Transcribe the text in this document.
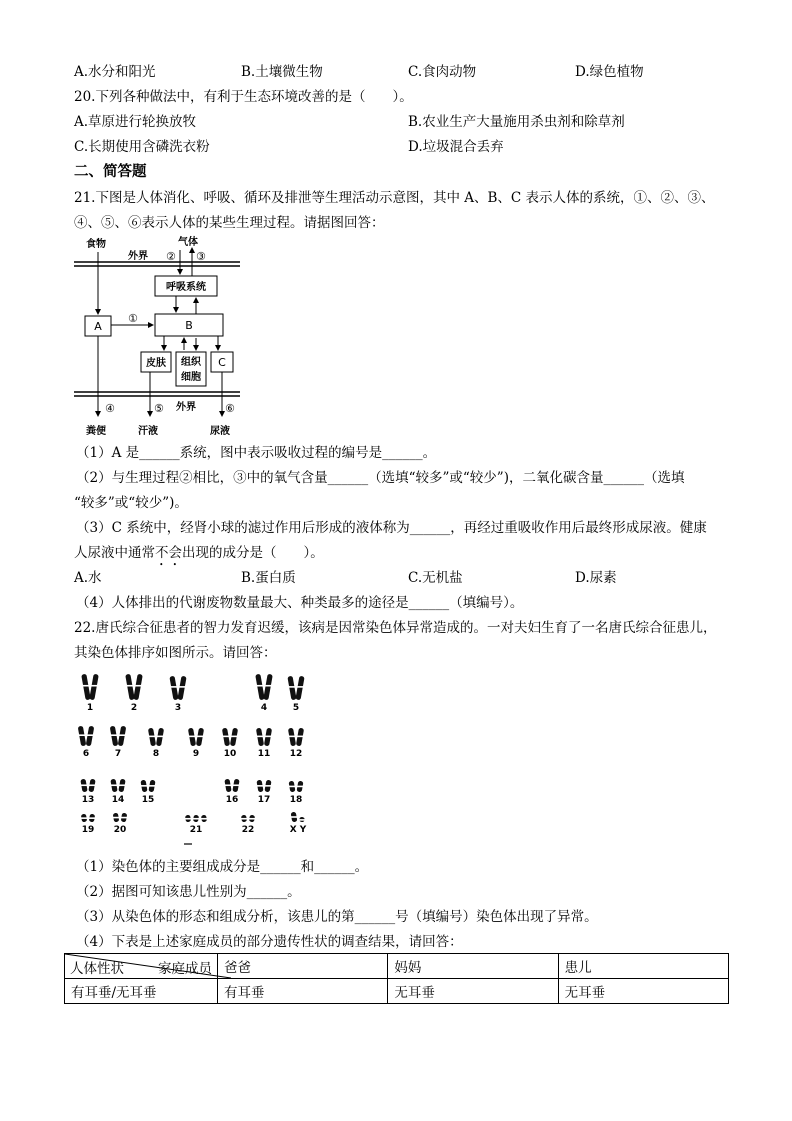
A.水分和阳光	B.土壤微生物	C.食肉动物	D.绿色植物
20.下列各种做法中，有利于生态环境改善的是（　　）。
A.草原进行轮换放牧	B.农业生产大量施用杀虫剂和除草剂
C.长期使用含磷洗衣粉	D.垃圾混合丢弃
二、简答题
21.下图是人体消化、呼吸、循环及排泄等生理活动示意图，其中 A、B、C 表示人体的系统，①、②、③、
④、⑤、⑥表示人体的某些生理过程。请据图回答：
食物	气体
② ③
外界
呼吸系统
A	B
①
皮肤 组织
细胞
C
④	⑤ 外界	⑥
粪便	汗液	尿液
（1）A 是______系统，图中表示吸收过程的编号是______。
（2）与生理过程②相比，③中的氧气含量______（选填“较多”或“较少”)，二氧化碳含量______（选填
“较多”或“较少”)。
（3）C 系统中，经肾小球的滤过作用后形成的液体称为______，再经过重吸收作用后最终形成尿液。健康
人尿液中通常不会出现的成分是（　　）。
A.水	B.蛋白质	C.无机盐	D.尿素
（4）人体排出的代谢废物数量最大、种类最多的途径是______（填编号）。
22.唐氏综合征患者的智力发育迟缓，该病是因常染色体异常造成的。一对夫妇生育了一名唐氏综合征患儿，
其染色体排序如图所示。请回答：
1	2	3	4	5
6	7	8	9	10 11 12
13 14 15	16 17 18
19 20	21	22	X Y
（1）染色体的主要组成成分是______和______。
（2）据图可知该患儿性别为______。
（3）从染色体的形态和组成分析，该患儿的第______号（填编号）染色体出现了异常。
（4）下表是上述家庭成员的部分遗传性状的调查结果，请回答：
人体性状 家庭成员	爸爸	妈妈	患儿
有耳垂/无耳垂	有耳垂	无耳垂	无耳垂
